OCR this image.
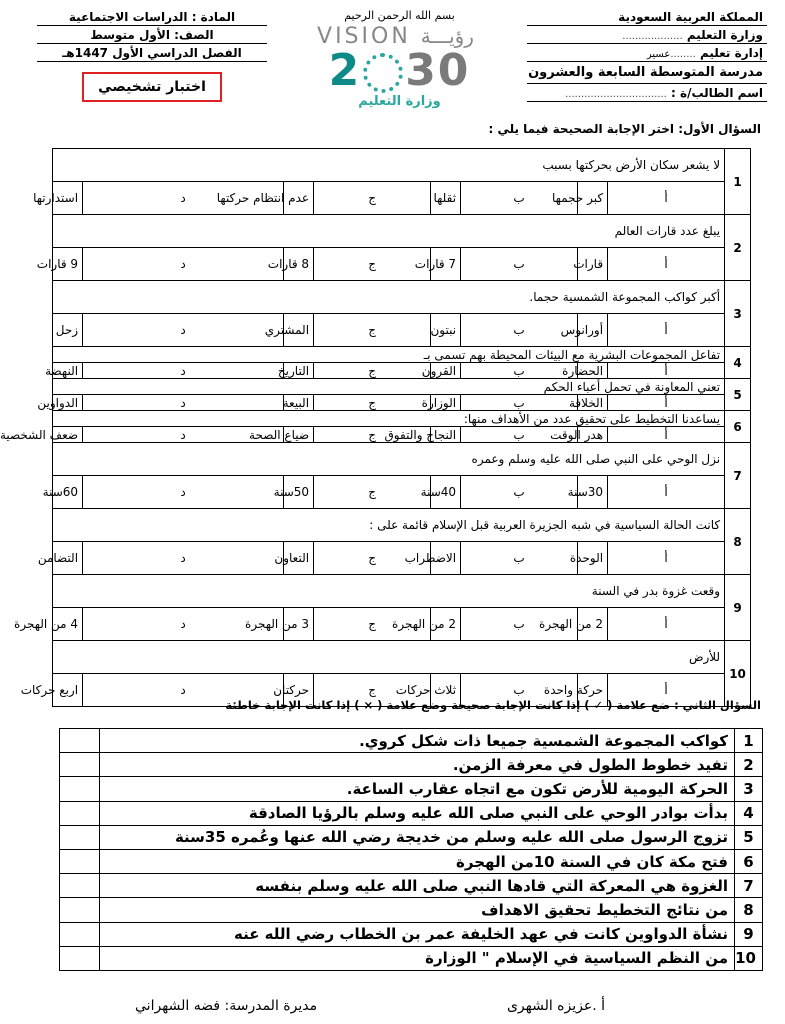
المملكة العربية السعودية
وزارة التعليم ...................
إدارة تعليم ........عسير
مدرسة المتوسطة السابعة والعشرون
اسم الطالب/ة : ................................
بسم الله الرحمن الرحيم
VISION رؤيـــة
2 30
وزارة التعليم
المادة : الدراسات الاجتماعية
الصف: الأول متوسط
الفصل الدراسي الأول 1447هـ
اختبار تشخيصي
السؤال الأول: اختر الإجابة الصحيحة فيما يلي :
1	لا يشعر سكان الأرض بحركتها بسبب							
	أ	كبر حجمها	ب	ثقلها	ج	عدم انتظام حركتها	د	استدارتها
2	يبلغ عدد قارات العالم							
	أ	قارات	ب	7 قارات	ج	8 قارات	د	9 قارات
3	أكبر كواكب المجموعة الشمسية حجما.							
	أ	أورانوس	ب	نبتون	ج	المشتري	د	زحل
4	تفاعل المجموعات البشرية مع البيئات المحيطة بهم تسمى بـ							
	أ	الحضارة	ب	القرون	ج	التاريخ	د	النهضة
5	تعني المعاونة في تحمل أعباء الحكم							
	أ	الخلافة	ب	الوزارة	ج	البيعة	د	الدواوين
6	يساعدنا التخطيط على تحقيق عدد من الأهداف منها:							
	أ	هدر الوقت	ب	النجاح والتفوق	ج	ضياع الصحة	د	ضعف الشخصية
7	نزل الوحي على النبي صلى الله عليه وسلم وعمره							
	أ	30سنة	ب	40سنة	ج	50سنة	د	60سنة
8	كانت الحالة السياسية في شبه الجزيرة العربية قبل الإسلام قائمة على :							
	أ	الوحدة	ب	الاضطراب	ج	التعاون	د	التضامن
9	وقعت غزوة بدر في السنة							
	أ	2 من الهجرة	ب	2 من الهجرة	ج	3 من الهجرة	د	4 من الهجرة
10	للأرض							
	أ	حركة واحدة	ب	ثلاث حركات	ج	حركتان	د	اربع حركات
السؤال الثاني : ضع علامة ( ✓ ) إذا كانت الإجابة صحيحة وضع علامة ( × ) إذا كانت الإجابة خاطئة
1	كواكب المجموعة الشمسية جميعا ذات شكل كروي.	
2	تفيد خطوط الطول في معرفة الزمن.	
3	الحركة اليومية للأرض تكون مع اتجاه عقارب الساعة.	
4	بدأت بوادر الوحي على النبي صلى الله عليه وسلم بالرؤيا الصادقة	
5	تزوج الرسول صلى الله عليه وسلم من خديجة رضي الله عنها وعُمره 35سنة	
6	فتح مكة كان في السنة 10من الهجرة	
7	الغزوة هي المعركة التي قادها النبي صلى الله عليه وسلم بنفسه	
8	من نتائج التخطيط تحقيق الاهداف	
9	نشأة الدواوين كانت في عهد الخليفة عمر بن الخطاب رضي الله عنه	
10	من النظم السياسية في الإسلام " الوزارة	
أ .عزيزه الشهرى
مديرة المدرسة: فضه الشهراني
